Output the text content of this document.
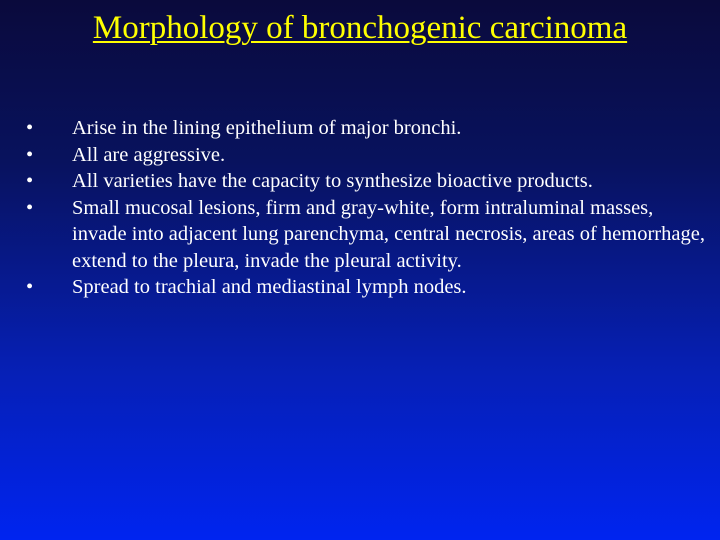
Morphology of bronchogenic carcinoma
•	Arise in the lining epithelium of major bronchi.
•	All are aggressive.
•	All varieties have the capacity to synthesize bioactive products.
•	Small mucosal lesions, firm and gray-white, form intraluminal masses, invade into adjacent lung parenchyma, central necrosis, areas of hemorrhage, extend to the pleura, invade the pleural activity.
•	Spread to trachial and mediastinal lymph nodes.
